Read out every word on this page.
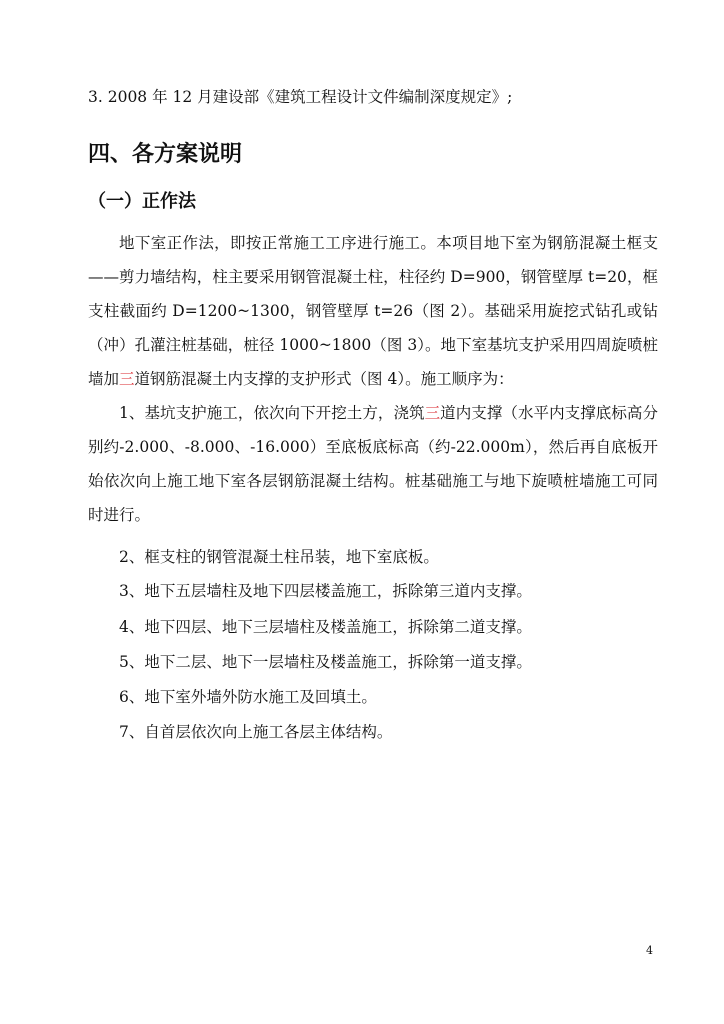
3. 2008 年 12 月建设部《建筑工程设计文件编制深度规定》;
四、各方案说明
（一）正作法
地下室正作法，即按正常施工工序进行施工。本项目地下室为钢筋混凝土框支——剪力墙结构，柱主要采用钢管混凝土柱，柱径约 D=900，钢管壁厚 t=20，框支柱截面约 D=1200~1300，钢管壁厚 t=26（图 2）。基础采用旋挖式钻孔或钻（冲）孔灌注桩基础，桩径 1000~1800（图 3）。地下室基坑支护采用四周旋喷桩墙加三道钢筋混凝土内支撑的支护形式（图 4）。施工顺序为：
1、基坑支护施工，依次向下开挖土方，浇筑三道内支撑（水平内支撑底标高分别约-2.000、-8.000、-16.000）至底板底标高（约-22.000m），然后再自底板开始依次向上施工地下室各层钢筋混凝土结构。桩基础施工与地下旋喷桩墙施工可同时进行。
2、框支柱的钢管混凝土柱吊装，地下室底板。
3、地下五层墙柱及地下四层楼盖施工，拆除第三道内支撑。
4、地下四层、地下三层墙柱及楼盖施工，拆除第二道支撑。
5、地下二层、地下一层墙柱及楼盖施工，拆除第一道支撑。
6、地下室外墙外防水施工及回填土。
7、自首层依次向上施工各层主体结构。
4
